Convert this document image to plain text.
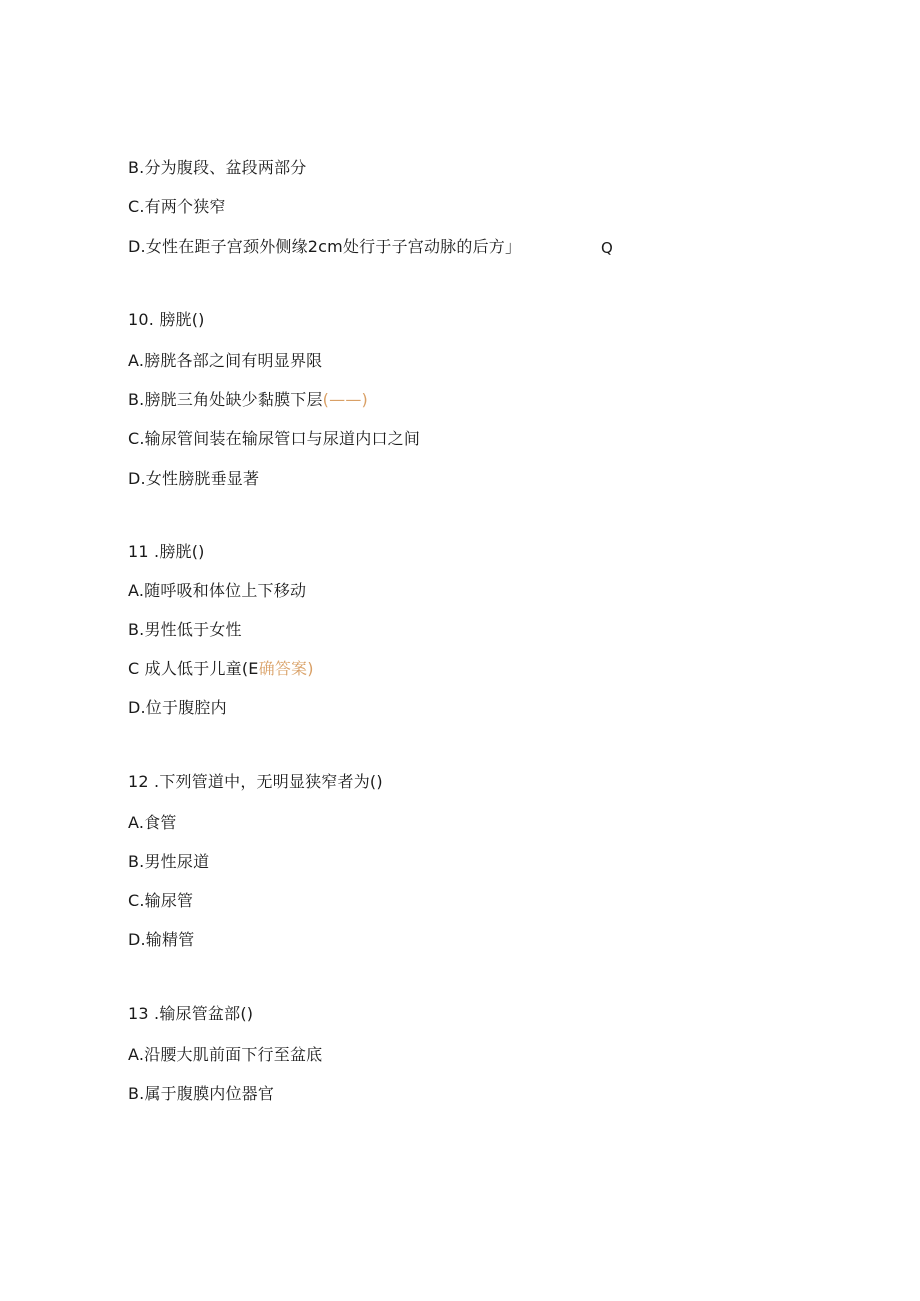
B.分为腹段、盆段两部分
C.有两个狭窄
D.女性在距子宫颈外侧缘2cm处行于子宫动脉的后方」	Q
10. 膀胱()
A.膀胱各部之间有明显界限
B.膀胱三角处缺少黏膜下层(——)
C.输尿管间装在输尿管口与尿道内口之间
D.女性膀胱垂显著
11 .膀胱()
A.随呼吸和体位上下移动
B.男性低于女性
C 成人低于儿童(E确答案)
D.位于腹腔内
12 .下列管道中，无明显狭窄者为()
A.食管
B.男性尿道
C.输尿管
D.输精管
13 .输尿管盆部()
A.沿腰大肌前面下行至盆底
B.属于腹膜内位器官
